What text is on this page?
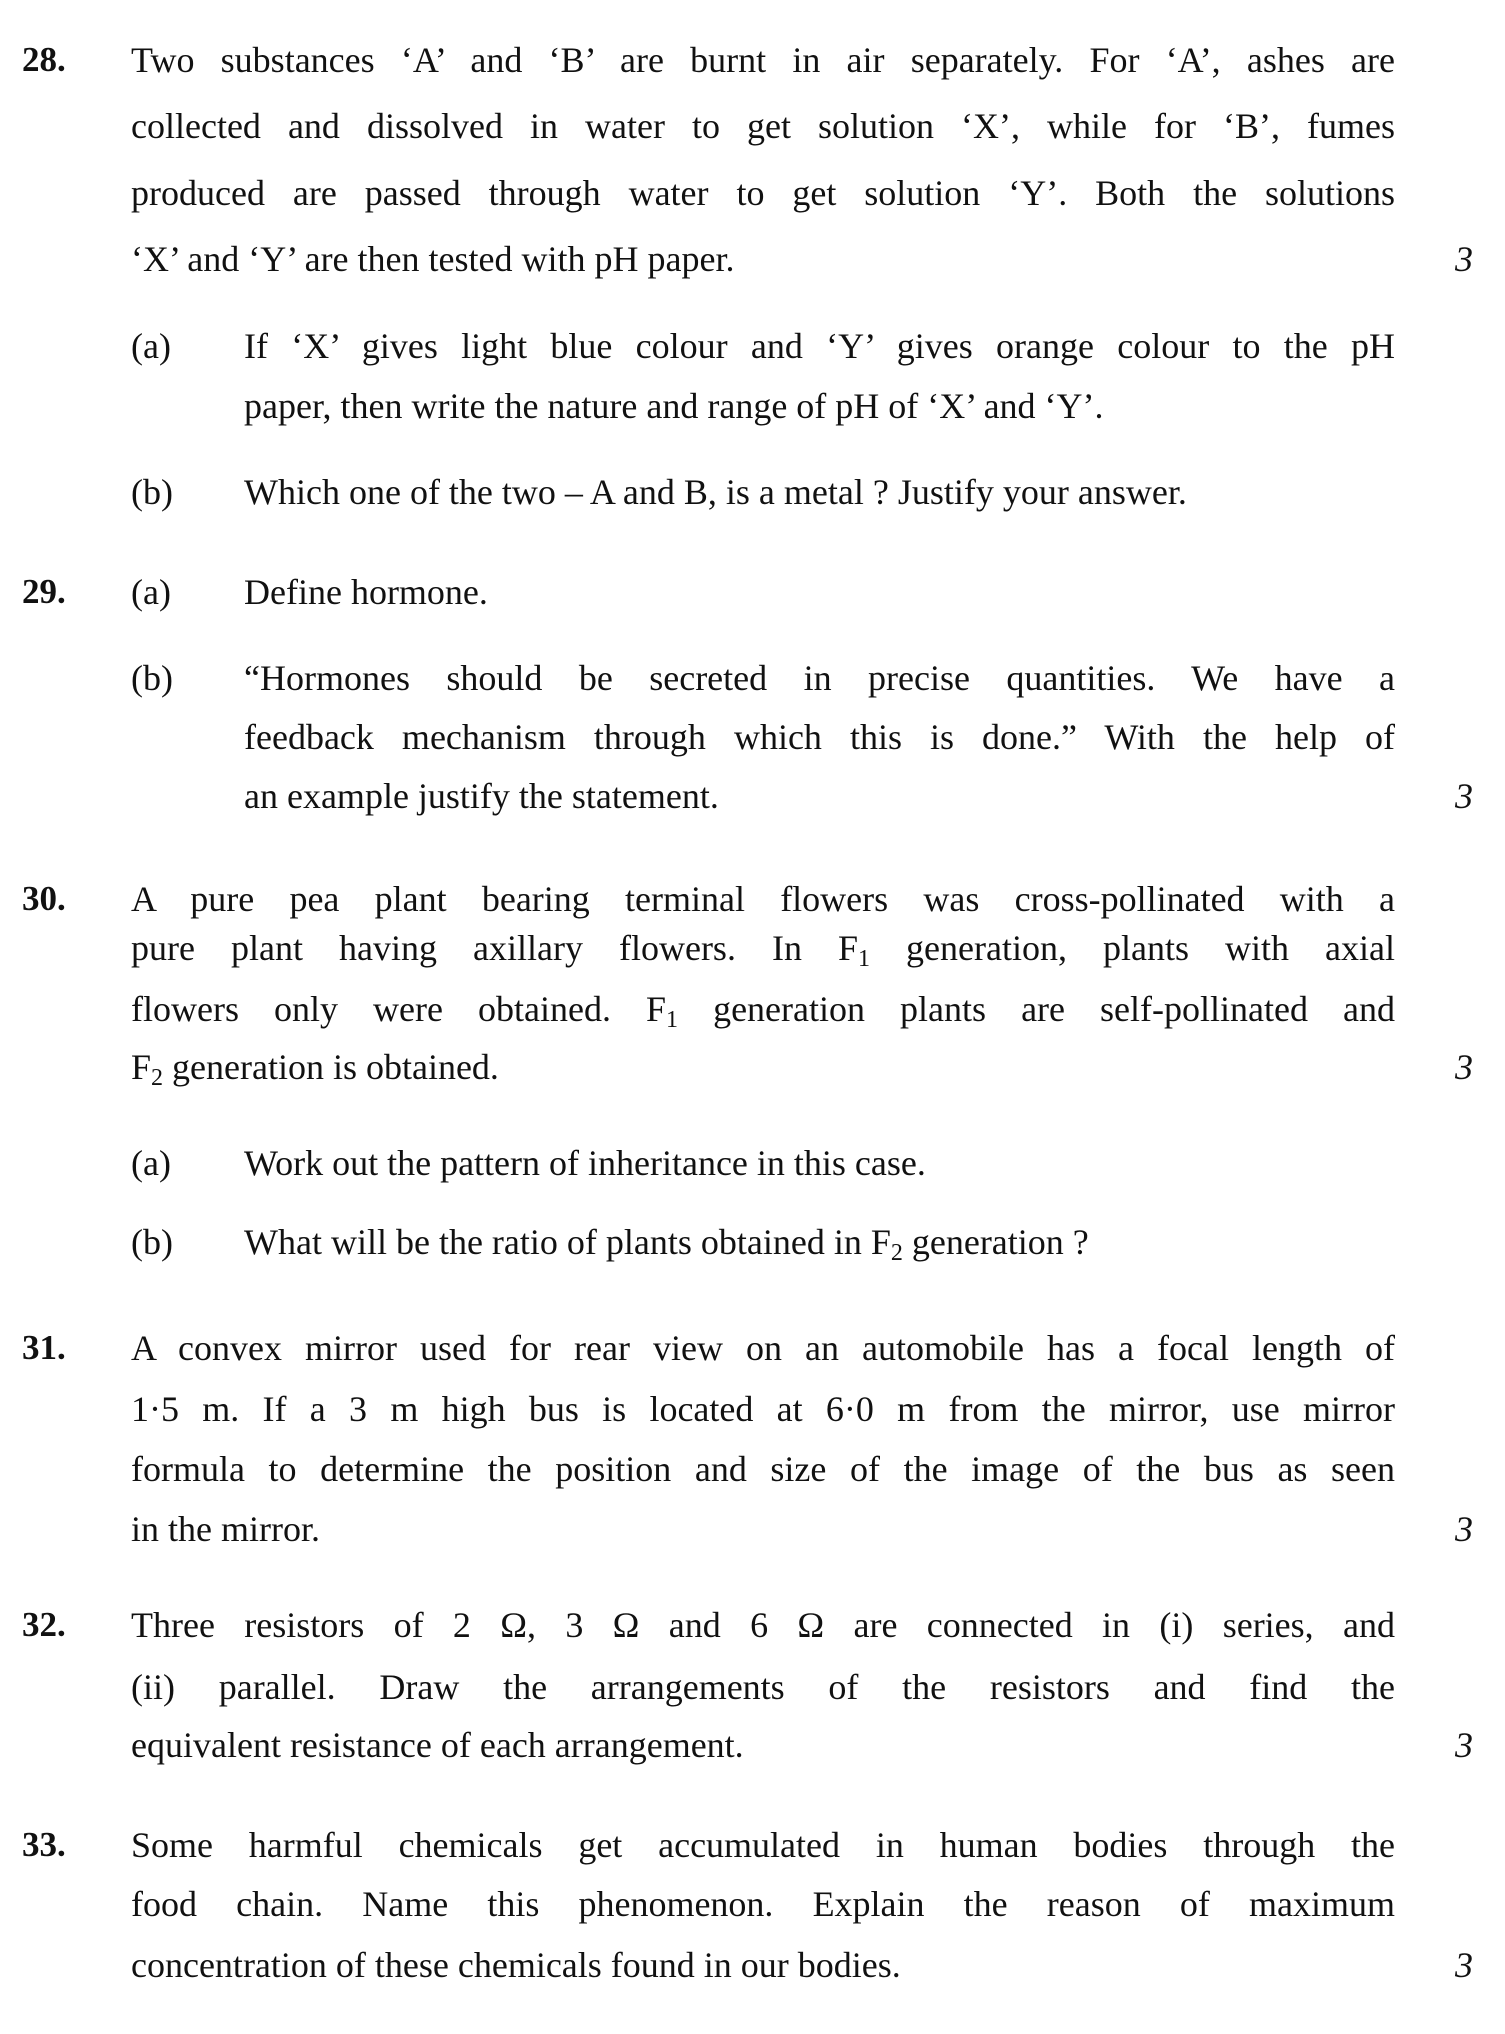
28. Two substances ‘A’ and ‘B’ are burnt in air separately. For ‘A’, ashes are
collected and dissolved in water to get solution ‘X’, while for ‘B’, fumes
produced are passed through water to get solution ‘Y’. Both the solutions
‘X’ and ‘Y’ are then tested with pH paper.	3
(a) If ‘X’ gives light blue colour and ‘Y’ gives orange colour to the pH
paper, then write the nature and range of pH of ‘X’ and ‘Y’.
(b) Which one of the two – A and B, is a metal ? Justify your answer.
29. (a) Define hormone.
(b) “Hormones should be secreted in precise quantities. We have a
feedback mechanism through which this is done.” With the help of
an example justify the statement.	3
30. A pure pea plant bearing terminal flowers was cross-pollinated with a
pure plant having axillary flowers. In $F_1$ generation, plants with axial
flowers only were obtained. $F_1$ generation plants are self-pollinated and
$F_2$ generation is obtained.	3
(a) Work out the pattern of inheritance in this case.
(b) What will be the ratio of plants obtained in $F_2$ generation ?
31. A convex mirror used for rear view on an automobile has a focal length of
1·5 m. If a 3 m high bus is located at 6·0 m from the mirror, use mirror
formula to determine the position and size of the image of the bus as seen
in the mirror.	3
32. Three resistors of 2 Ω, 3 Ω and 6 Ω are connected in (i) series, and
(ii) parallel. Draw the arrangements of the resistors and find the
equivalent resistance of each arrangement.	3
33. Some harmful chemicals get accumulated in human bodies through the
food chain. Name this phenomenon. Explain the reason of maximum
concentration of these chemicals found in our bodies.	3
